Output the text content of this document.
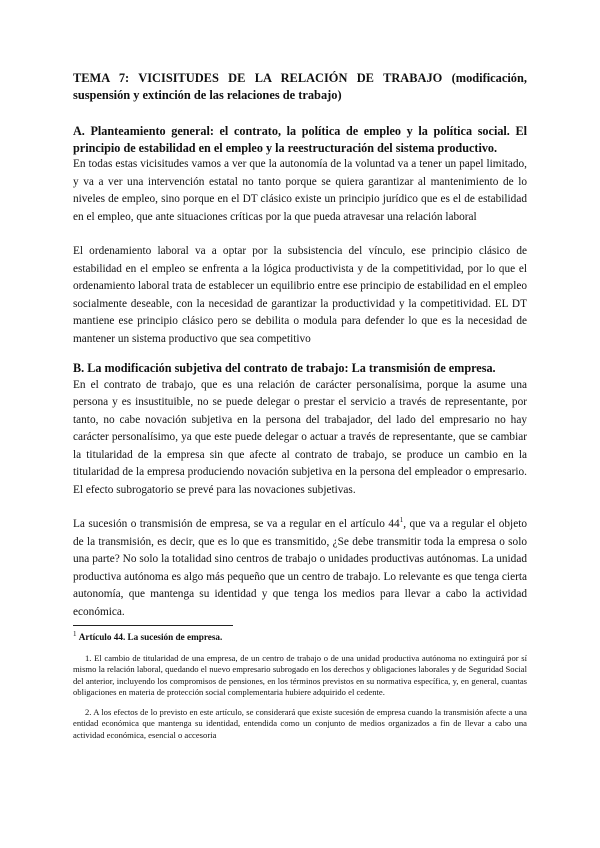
TEMA 7: VICISITUDES DE LA RELACIÓN DE TRABAJO (modificación, suspensión y extinción de las relaciones de trabajo)

A. Planteamiento general: el contrato, la política de empleo y la política social. El principio de estabilidad en el empleo y la reestructuración del sistema productivo.

En todas estas vicisitudes vamos a ver que la autonomía de la voluntad va a tener un papel limitado, y va a ver una intervención estatal no tanto porque se quiera garantizar al mantenimiento de lo niveles de empleo, sino porque en el DT clásico existe un principio jurídico que es el de estabilidad en el empleo, que ante situaciones críticas por la que pueda atravesar una relación laboral

El ordenamiento laboral va a optar por la subsistencia del vínculo, ese principio clásico de estabilidad en el empleo se enfrenta a la lógica productivista y de la competitividad, por lo que el ordenamiento laboral trata de establecer un equilibrio entre ese principio de estabilidad en el empleo socialmente deseable, con la necesidad de garantizar la productividad y la competitividad. EL DT mantiene ese principio clásico pero se debilita o modula para defender lo que es la necesidad de mantener un sistema productivo que sea competitivo

B. La modificación subjetiva del contrato de trabajo: La transmisión de empresa.

En el contrato de trabajo, que es una relación de carácter personalísima, porque la asume una persona y es insustituible, no se puede delegar o prestar el servicio a través de representante, por tanto, no cabe novación subjetiva en la persona del trabajador, del lado del empresario no hay carácter personalísimo, ya que este puede delegar o actuar a través de representante, que se cambiar la titularidad de la empresa sin que afecte al contrato de trabajo, se produce un cambio en la titularidad de la empresa produciendo novación subjetiva en la persona del empleador o empresario. El efecto subrogatorio se prevé para las novaciones subjetivas.

La sucesión o transmisión de empresa, se va a regular en el artículo $44^1$, que va a regular el objeto de la transmisión, es decir, que es lo que es transmitido, ¿Se debe transmitir toda la empresa o solo una parte? No solo la totalidad sino centros de trabajo o unidades productivas autónomas. La unidad productiva autónoma es algo más pequeño que un centro de trabajo. Lo relevante es que tenga cierta autonomía, que mantenga su identidad y que tenga los medios para llevar a cabo la actividad económica.

$^1$ Artículo 44. La sucesión de empresa.

1. El cambio de titularidad de una empresa, de un centro de trabajo o de una unidad productiva autónoma no extinguirá por sí mismo la relación laboral, quedando el nuevo empresario subrogado en los derechos y obligaciones laborales y de Seguridad Social del anterior, incluyendo los compromisos de pensiones, en los términos previstos en su normativa específica, y, en general, cuantas obligaciones en materia de protección social complementaria hubiere adquirido el cedente.

2. A los efectos de lo previsto en este artículo, se considerará que existe sucesión de empresa cuando la transmisión afecte a una entidad económica que mantenga su identidad, entendida como un conjunto de medios organizados a fin de llevar a cabo una actividad económica, esencial o accesoria
